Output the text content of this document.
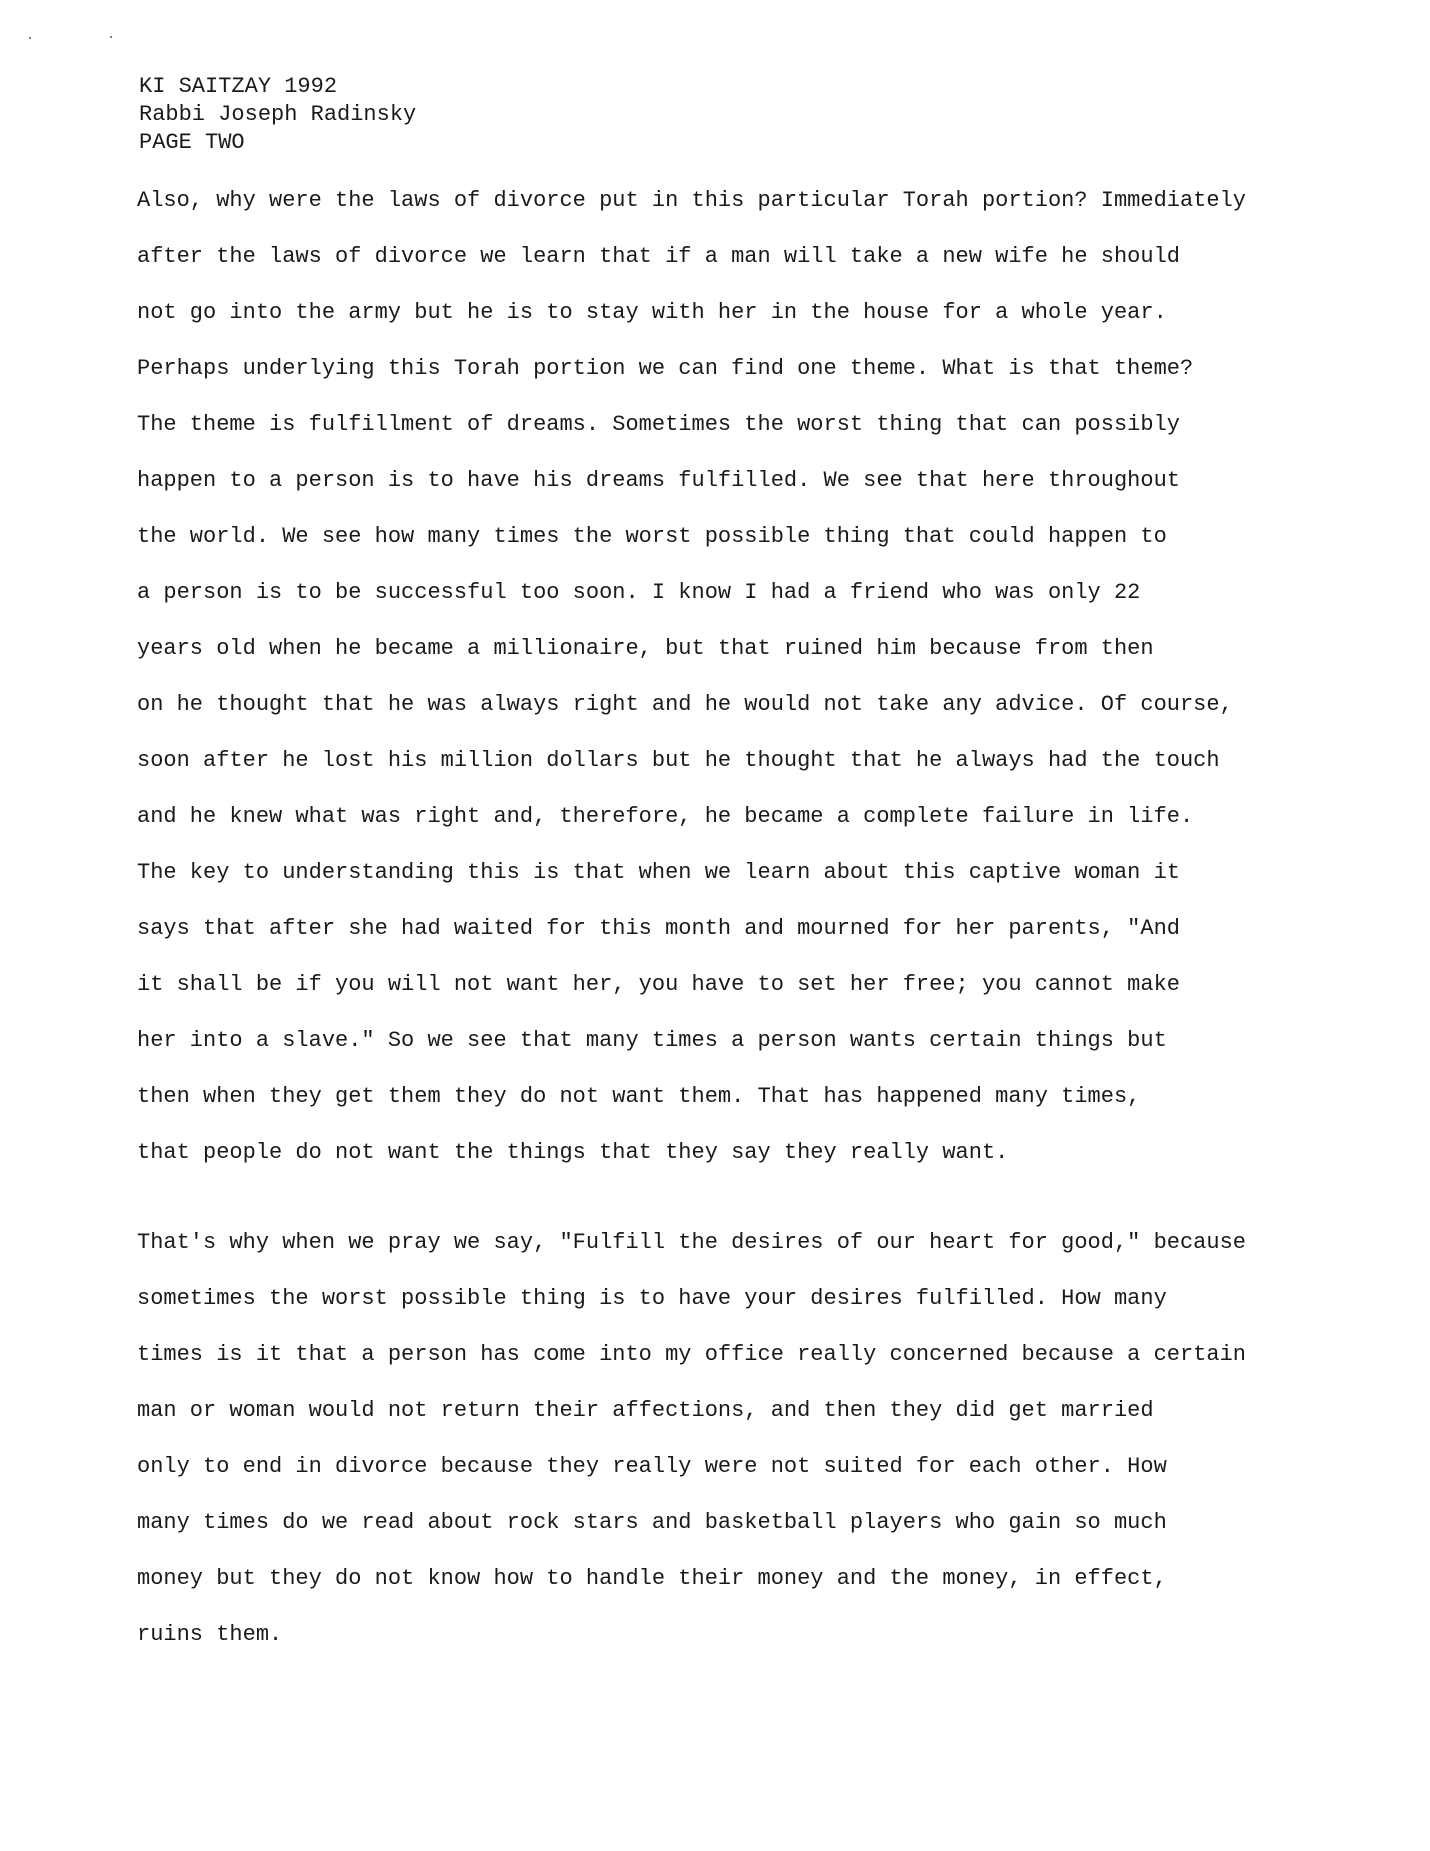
KI SAITZAY 1992
Rabbi Joseph Radinsky
PAGE TWO
Also, why were the laws of divorce put in this particular Torah portion? Immediately
after the laws of divorce we learn that if a man will take a new wife he should
not go into the army but he is to stay with her in the house for a whole year.
Perhaps underlying this Torah portion we can find one theme. What is that theme?
The theme is fulfillment of dreams. Sometimes the worst thing that can possibly
happen to a person is to have his dreams fulfilled. We see that here throughout
the world. We see how many times the worst possible thing that could happen to
a person is to be successful too soon. I know I had a friend who was only 22
years old when he became a millionaire, but that ruined him because from then
on he thought that he was always right and he would not take any advice. Of course,
soon after he lost his million dollars but he thought that he always had the touch
and he knew what was right and, therefore, he became a complete failure in life.
The key to understanding this is that when we learn about this captive woman it
says that after she had waited for this month and mourned for her parents, "And
it shall be if you will not want her, you have to set her free; you cannot make
her into a slave." So we see that many times a person wants certain things but
then when they get them they do not want them. That has happened many times,
that people do not want the things that they say they really want.
That's why when we pray we say, "Fulfill the desires of our heart for good," because
sometimes the worst possible thing is to have your desires fulfilled. How many
times is it that a person has come into my office really concerned because a certain
man or woman would not return their affections, and then they did get married
only to end in divorce because they really were not suited for each other. How
many times do we read about rock stars and basketball players who gain so much
money but they do not know how to handle their money and the money, in effect,
ruins them.
